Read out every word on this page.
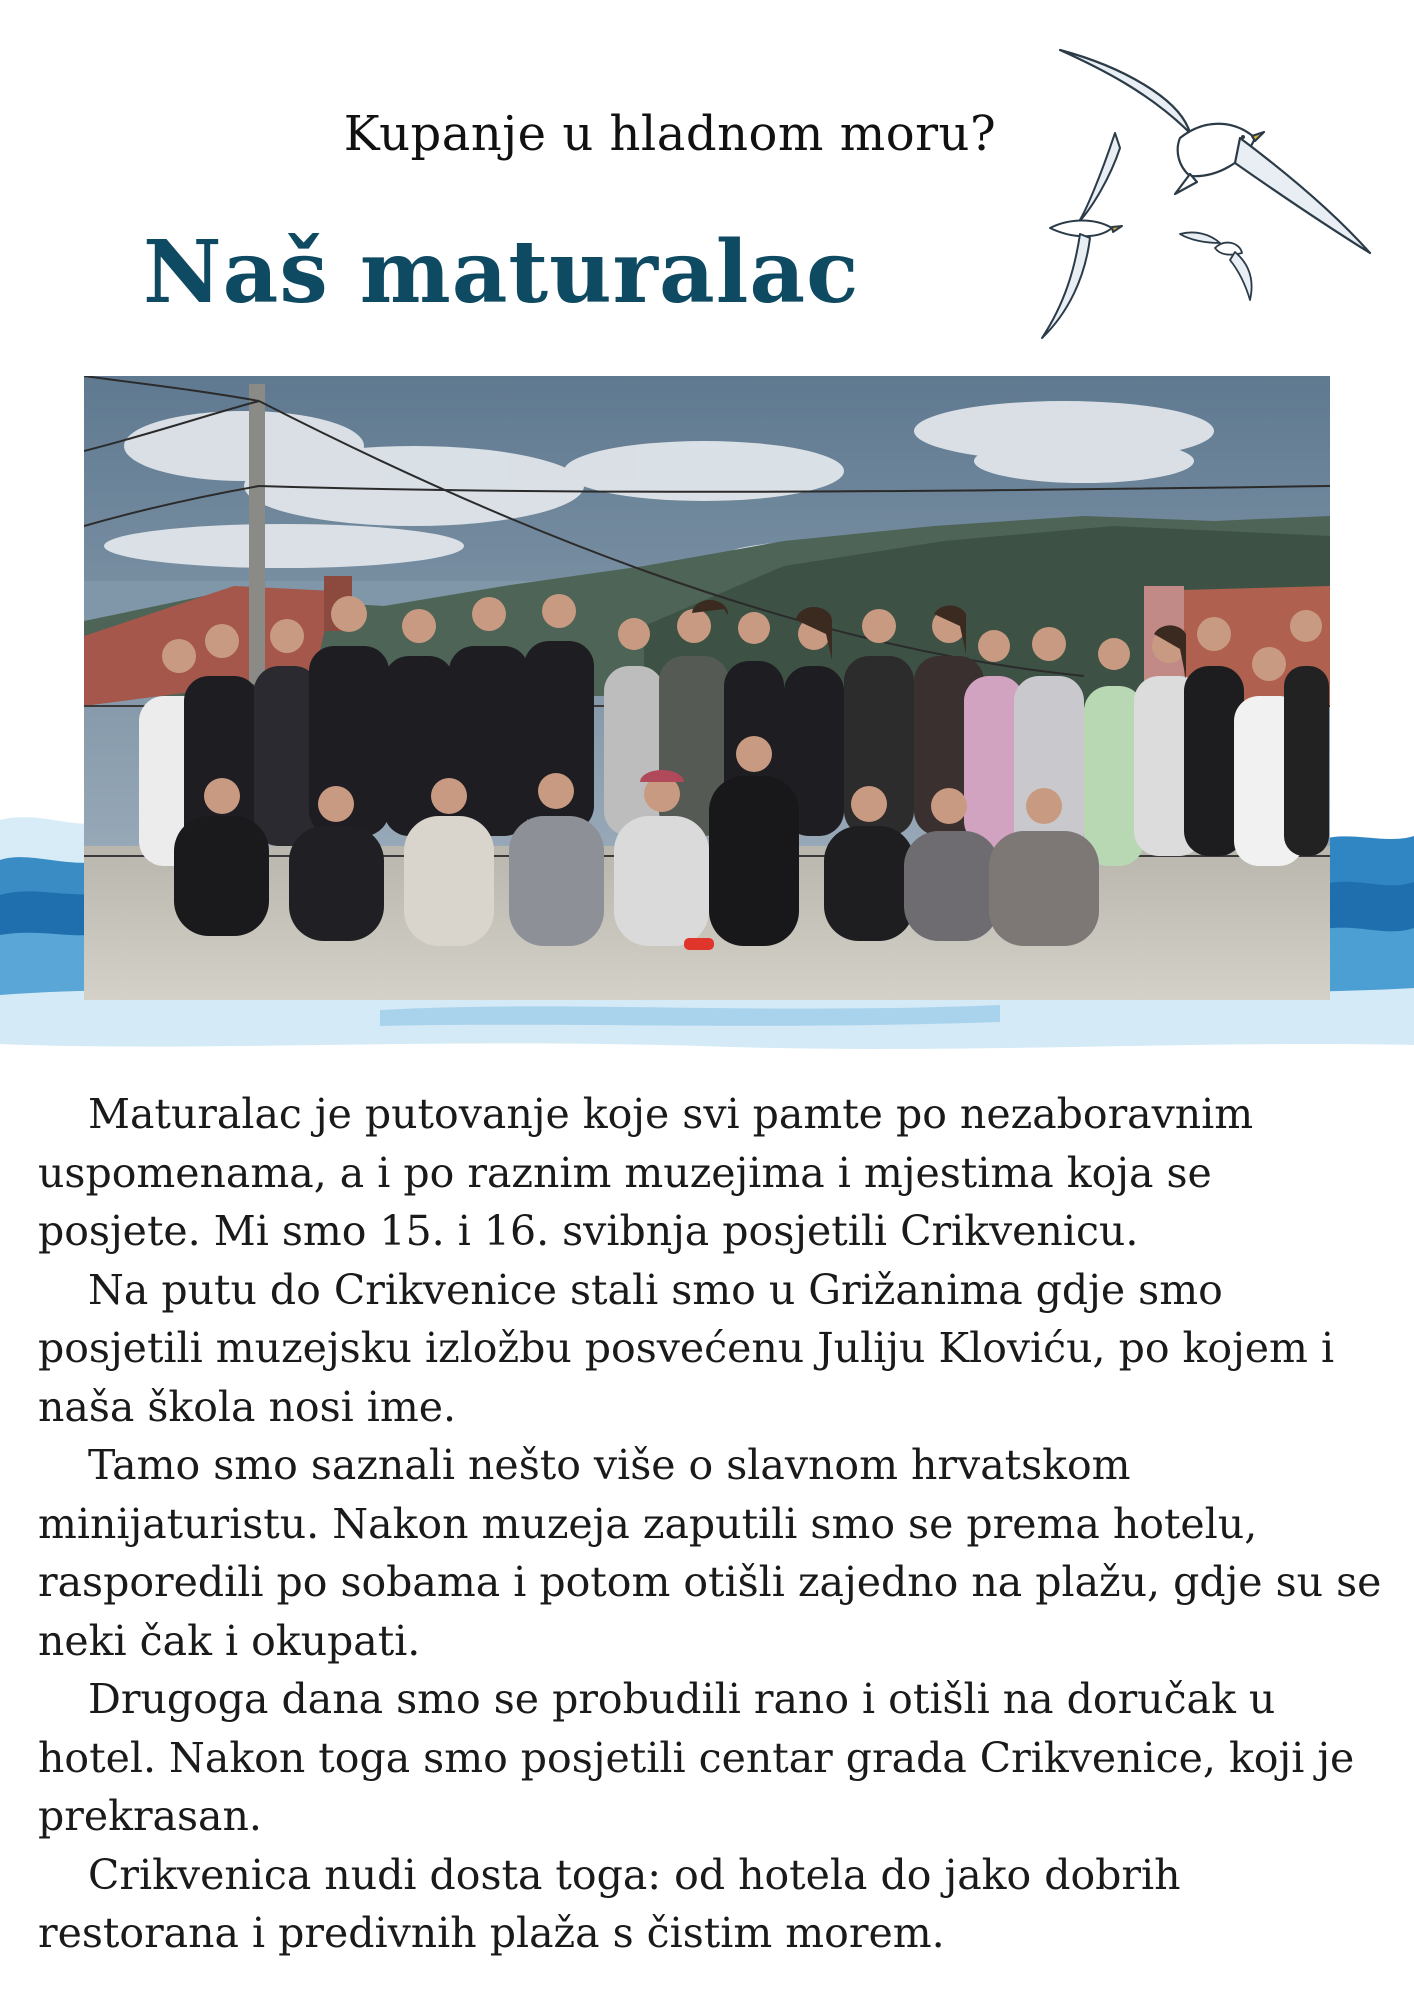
Kupanje u hladnom moru?
Naš maturalac

Maturalac je putovanje koje svi pamte po nezaboravnim uspomenama, a i po raznim muzejima i mjestima koja se posjete. Mi smo 15. i 16. svibnja posjetili Crikvenicu.

Na putu do Crikvenice stali smo u Grižanima gdje smo posjetili muzejsku izložbu posvećenu Juliju Kloviću, po kojem i naša škola nosi ime.

Tamo smo saznali nešto više o slavnom hrvatskom minijaturistu. Nakon muzeja zaputili smo se prema hotelu, rasporedili po sobama i potom otišli zajedno na plažu, gdje su se neki čak i okupati.

Drugoga dana smo se probudili rano i otišli na doručak u hotel. Nakon toga smo posjetili centar grada Crikvenice, koji je prekrasan.

Crikvenica nudi dosta toga: od hotela do jako dobrih restorana i predivnih plaža s čistim morem.
